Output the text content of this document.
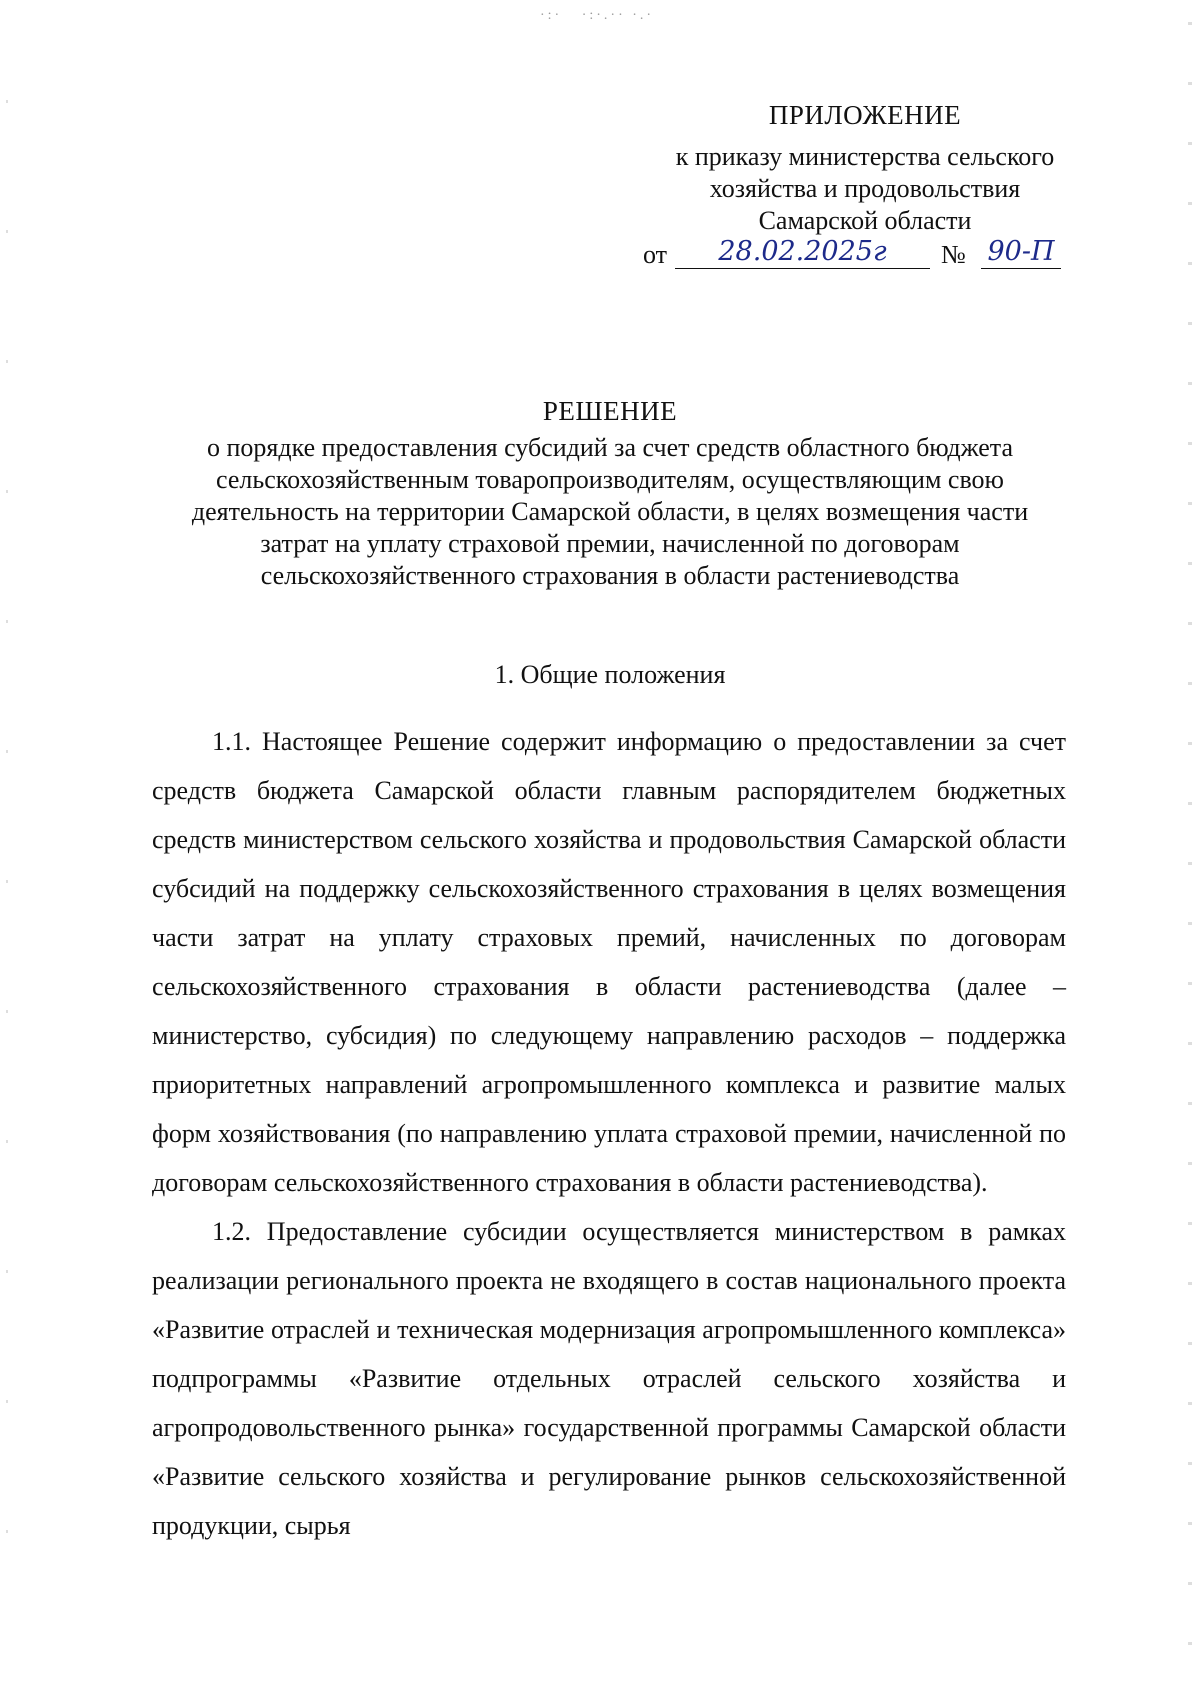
·:·   ·:·.·· ·.·
ПРИЛОЖЕНИЕ
к приказу министерства сельского
хозяйства и продовольствия
Самарской области
от	28.02.2025г	№ 90-П
РЕШЕНИЕ
о порядке предоставления субсидий за счет средств областного бюджета
сельскохозяйственным товаропроизводителям, осуществляющим свою
деятельность на территории Самарской области, в целях возмещения части
затрат на уплату страховой премии, начисленной по договорам
сельскохозяйственного страхования в области растениеводства
1. Общие положения

1.1. Настоящее Решение содержит информацию о предоставлении за счет средств бюджета Самарской области главным распорядителем бюджетных средств министерством сельского хозяйства и продовольствия Самарской области субсидий на поддержку сельскохозяйственного страхования в целях возмещения части затрат на уплату страховых премий, начисленных по договорам сельскохозяйственного страхования в области растениеводства (далее – министерство, субсидия) по следующему направлению расходов – поддержка приоритетных направлений агропромышленного комплекса и развитие малых форм хозяйствования (по направлению уплата страховой премии, начисленной по договорам сельскохозяйственного страхования в области растениеводства).

1.2. Предоставление субсидии осуществляется министерством в рамках реализации регионального проекта не входящего в состав национального проекта «Развитие отраслей и техническая модернизация агропромышленного комплекса» подпрограммы «Развитие отдельных отраслей сельского хозяйства и агропродовольственного рынка» государственной программы Самарской области «Развитие сельского хозяйства и регулирование рынков сельскохозяйственной продукции, сырья
